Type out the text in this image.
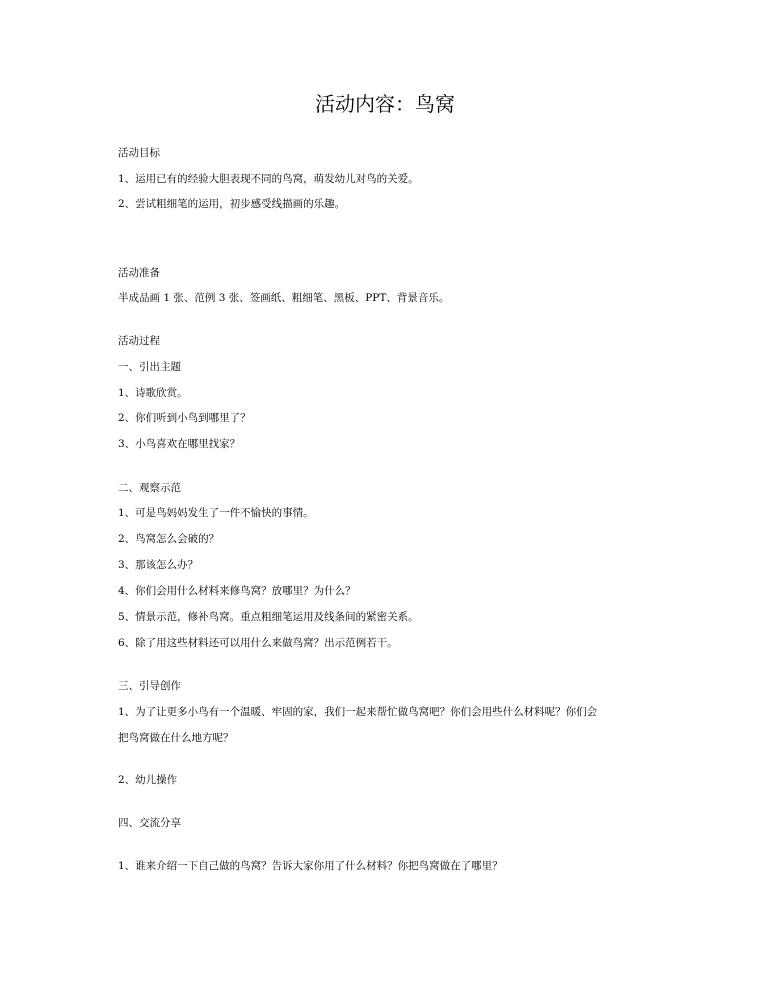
活动内容：鸟窝
活动目标
1、运用已有的经验大胆表现不同的鸟窝，萌发幼儿对鸟的关爱。
2、尝试粗细笔的运用，初步感受线描画的乐趣。
活动准备
半成品画 1 张、范例 3 张、签画纸、粗细笔、黑板、PPT、背景音乐。
活动过程
一、引出主题
1、诗歌欣赏。
2、你们听到小鸟到哪里了？
3、小鸟喜欢在哪里找家？
二、观察示范
1、可是鸟妈妈发生了一件不愉快的事情。
2、鸟窝怎么会破的？
3、那该怎么办？
4、你们会用什么材料来修鸟窝？放哪里？为什么？
5、情景示范，修补鸟窝。重点粗细笔运用及线条间的紧密关系。
6、除了用这些材料还可以用什么来做鸟窝？出示范例若干。
三、引导创作
1、为了让更多小鸟有一个温暖、牢固的家，我们一起来帮忙做鸟窝吧？你们会用些什么材料呢？你们会
把鸟窝做在什么地方呢？
2、幼儿操作
四、交流分享
1、谁来介绍一下自己做的鸟窝？告诉大家你用了什么材料？你把鸟窝做在了哪里？
